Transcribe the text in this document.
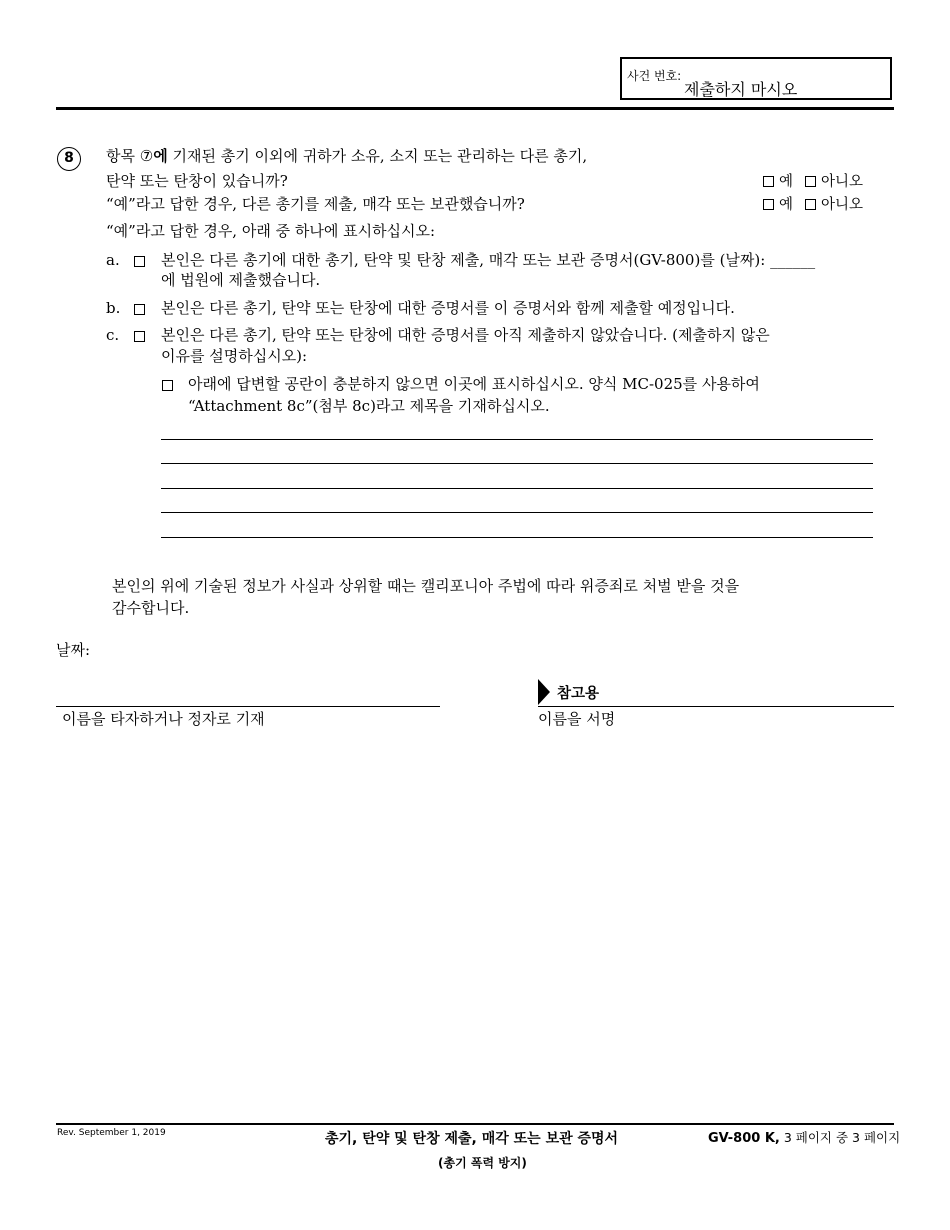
사건 번호:
제출하지 마시오
8	항목 ⑦에 기재된 총기 이외에 귀하가 소유, 소지 또는 관리하는 다른 총기,
탄약 또는 탄창이 있습니까?
“예”라고 답한 경우, 다른 총기를 제출, 매각 또는 보관했습니까?
예 아니오
예 아니오
“예”라고 답한 경우, 아래 중 하나에 표시하십시오:
a.	본인은 다른 총기에 대한 총기, 탄약 및 탄창 제출, 매각 또는 보관 증명서(GV-800)를 (날짜): ______
에 법원에 제출했습니다.
b.	본인은 다른 총기, 탄약 또는 탄창에 대한 증명서를 이 증명서와 함께 제출할 예정입니다.
c.	본인은 다른 총기, 탄약 또는 탄창에 대한 증명서를 아직 제출하지 않았습니다. (제출하지 않은
이유를 설명하십시오):
아래에 답변할 공란이 충분하지 않으면 이곳에 표시하십시오. 양식 MC-025를 사용하여
“Attachment 8c”(첨부 8c)라고 제목을 기재하십시오.
본인의 위에 기술된 정보가 사실과 상위할 때는 캘리포니아 주법에 따라 위증죄로 처벌 받을 것을
감수합니다.
날짜:
이름을 타자하거나 정자로 기재
참고용
이름을 서명
Rev. September 1, 2019	총기, 탄약 및 탄창 제출, 매각 또는 보관 증명서
(총기 폭력 방지)
GV-800 K, 3 페이지 중 3 페이지
